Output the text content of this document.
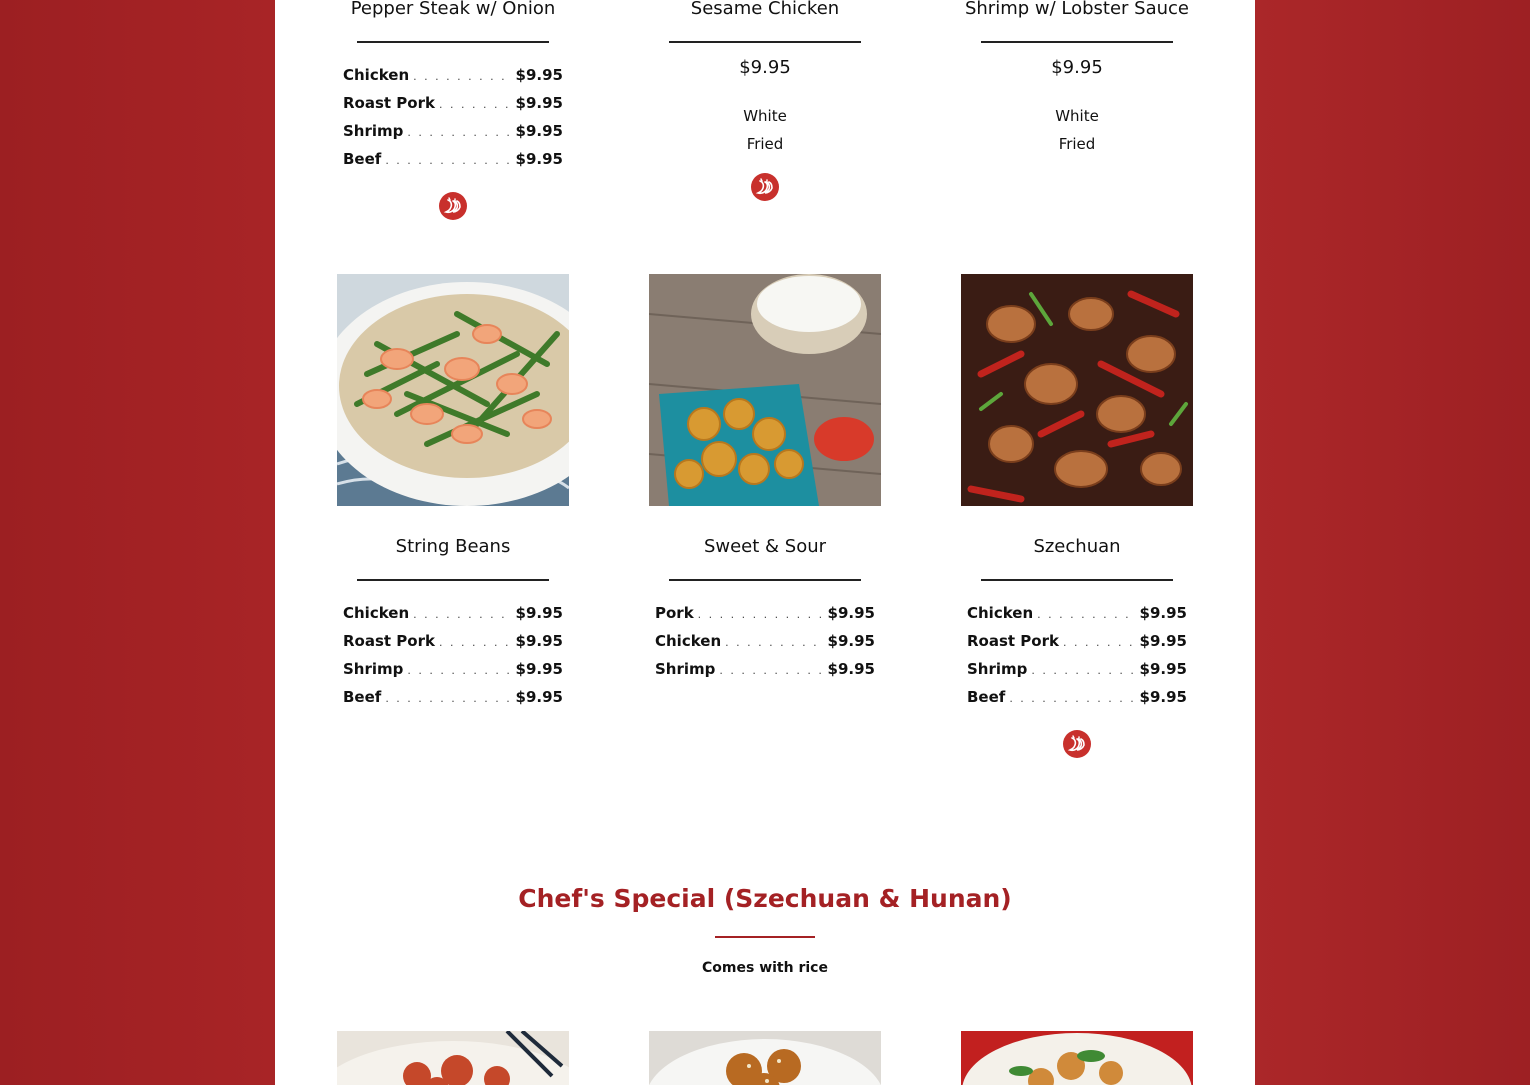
Pepper Steak w/ Onion
Chicken . . .	$9.95
Roast Pork . . .	$9.95
Shrimp . . .	$9.95
Beef . . .	$9.95
Sesame Chicken
$9.95
White
Fried
Shrimp w/ Lobster Sauce
$9.95
White
Fried
String Beans
Chicken . . .	$9.95
Roast Pork . . .	$9.95
Shrimp . . .	$9.95
Beef . . .	$9.95
Sweet & Sour
Pork . . .	$9.95
Chicken . . .	$9.95
Shrimp . . .	$9.95
Szechuan
Chicken . . .	$9.95
Roast Pork . . .	$9.95
Shrimp . . .	$9.95
Beef . . .	$9.95
Chef's Special (Szechuan & Hunan)
Comes with rice
